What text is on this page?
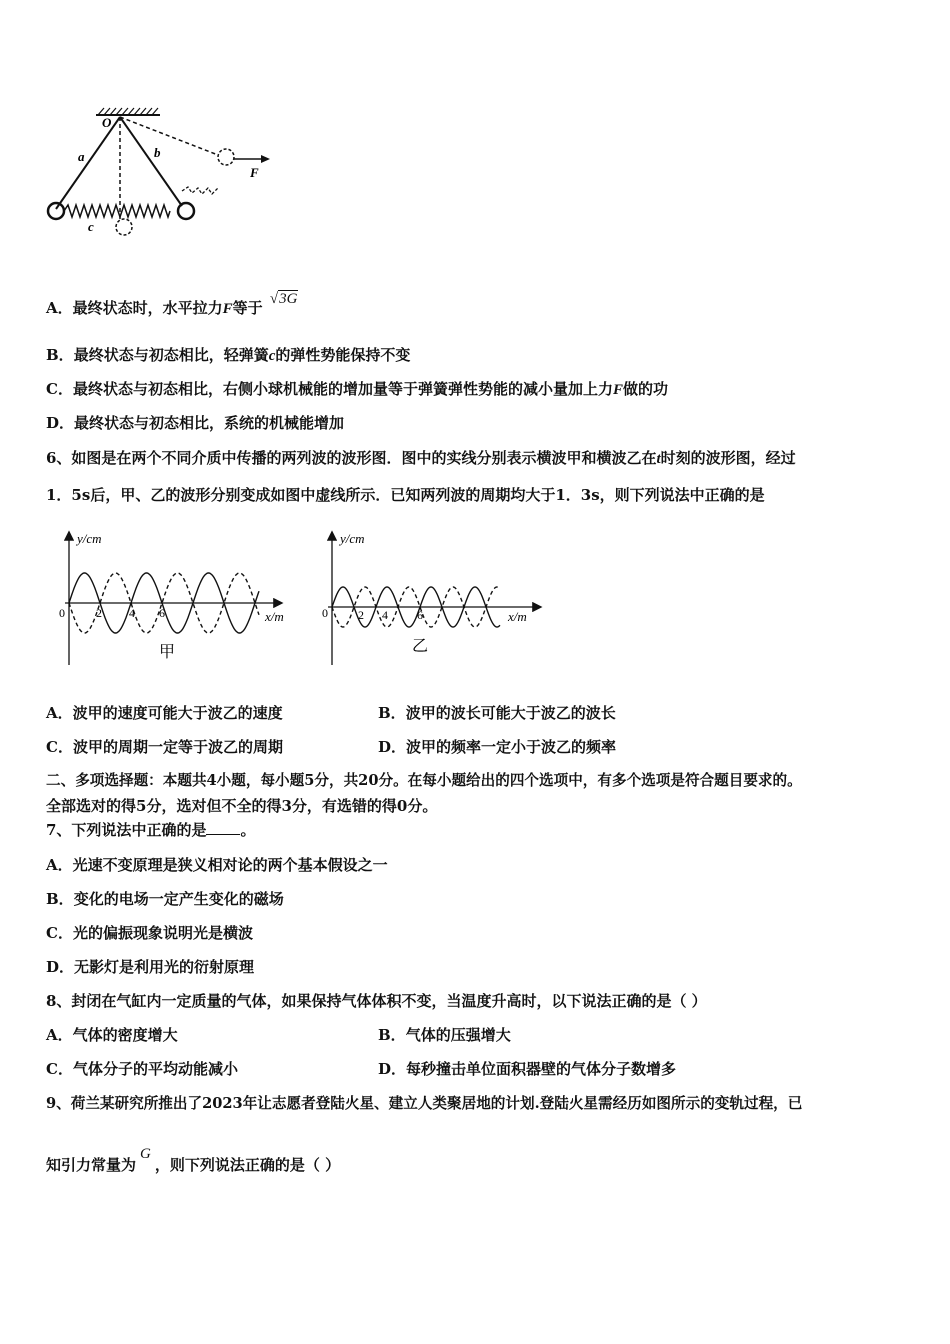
O
a	b
c
F
A．最终状态时，水平拉力F等于 √3G
B．最终状态与初态相比，轻弹簧c的弹性势能保持不变
C．最终状态与初态相比，右侧小球机械能的增加量等于弹簧弹性势能的减小量加上力F做的功
D．最终状态与初态相比，系统的机械能增加
6、如图是在两个不同介质中传播的两列波的波形图．图中的实线分别表示横波甲和横波乙在t时刻的波形图，经过
1．5s后，甲、乙的波形分别变成如图中虚线所示．已知两列波的周期均大于1．3s，则下列说法中正确的是
y/cm
x/m
0	2 4 6
甲
y/cm
x/m
0	2 4 6
乙
A．波甲的速度可能大于波乙的速度	B．波甲的波长可能大于波乙的波长
C．波甲的周期一定等于波乙的周期	D．波甲的频率一定小于波乙的频率
二、多项选择题：本题共4小题，每小题5分，共20分。在每小题给出的四个选项中，有多个选项是符合题目要求的。
全部选对的得5分，选对但不全的得3分，有选错的得0分。
7、下列说法中正确的是 。
A．光速不变原理是狭义相对论的两个基本假设之一
B．变化的电场一定产生变化的磁场
C．光的偏振现象说明光是横波
D．无影灯是利用光的衍射原理
8、封闭在气缸内一定质量的气体，如果保持气体体积不变，当温度升高时，以下说法正确的是（ ）
A．气体的密度增大	B．气体的压强增大
C．气体分子的平均动能减小	D．每秒撞击单位面积器壁的气体分子数增多
9、荷兰某研究所推出了2023年让志愿者登陆火星、建立人类聚居地的计划.登陆火星需经历如图所示的变轨过程，已
知引力常量为G，则下列说法正确的是（ ）
